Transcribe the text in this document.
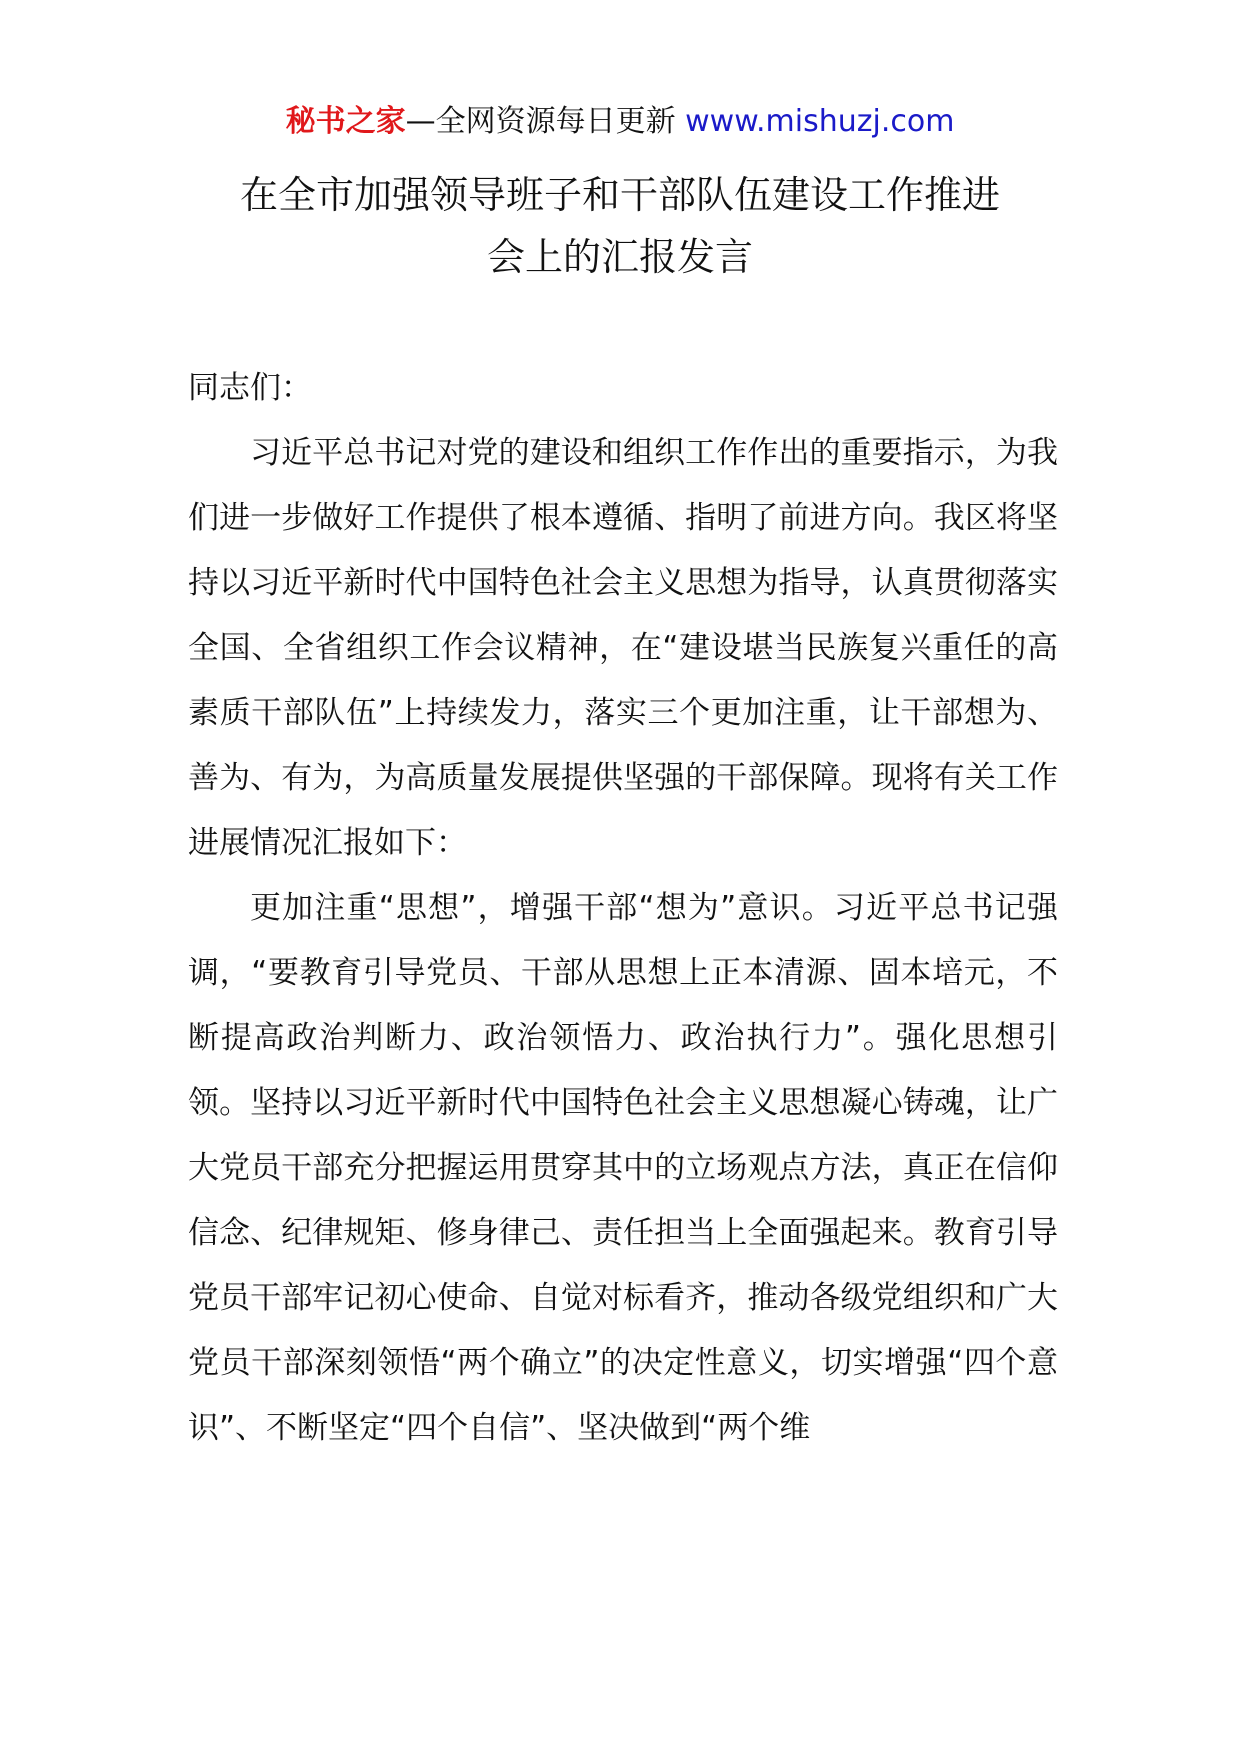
秘书之家—全网资源每日更新 www.mishuzj.com
在全市加强领导班子和干部队伍建设工作推进
会上的汇报发言

同志们：

习近平总书记对党的建设和组织工作作出的重要指示，为我们进一步做好工作提供了根本遵循、指明了前进方向。我区将坚持以习近平新时代中国特色社会主义思想为指导，认真贯彻落实全国、全省组织工作会议精神，在“建设堪当民族复兴重任的高素质干部队伍”上持续发力，落实三个更加注重，让干部想为、善为、有为，为高质量发展提供坚强的干部保障。现将有关工作进展情况汇报如下：

更加注重“思想”，增强干部“想为”意识。习近平总书记强调，“要教育引导党员、干部从思想上正本清源、固本培元，不断提高政治判断力、政治领悟力、政治执行力”。强化思想引领。坚持以习近平新时代中国特色社会主义思想凝心铸魂，让广大党员干部充分把握运用贯穿其中的立场观点方法，真正在信仰信念、纪律规矩、修身律己、责任担当上全面强起来。教育引导党员干部牢记初心使命、自觉对标看齐，推动各级党组织和广大党员干部深刻领悟“两个确立”的决定性意义，切实增强“四个意识”、不断坚定“四个自信”、坚决做到“两个维
